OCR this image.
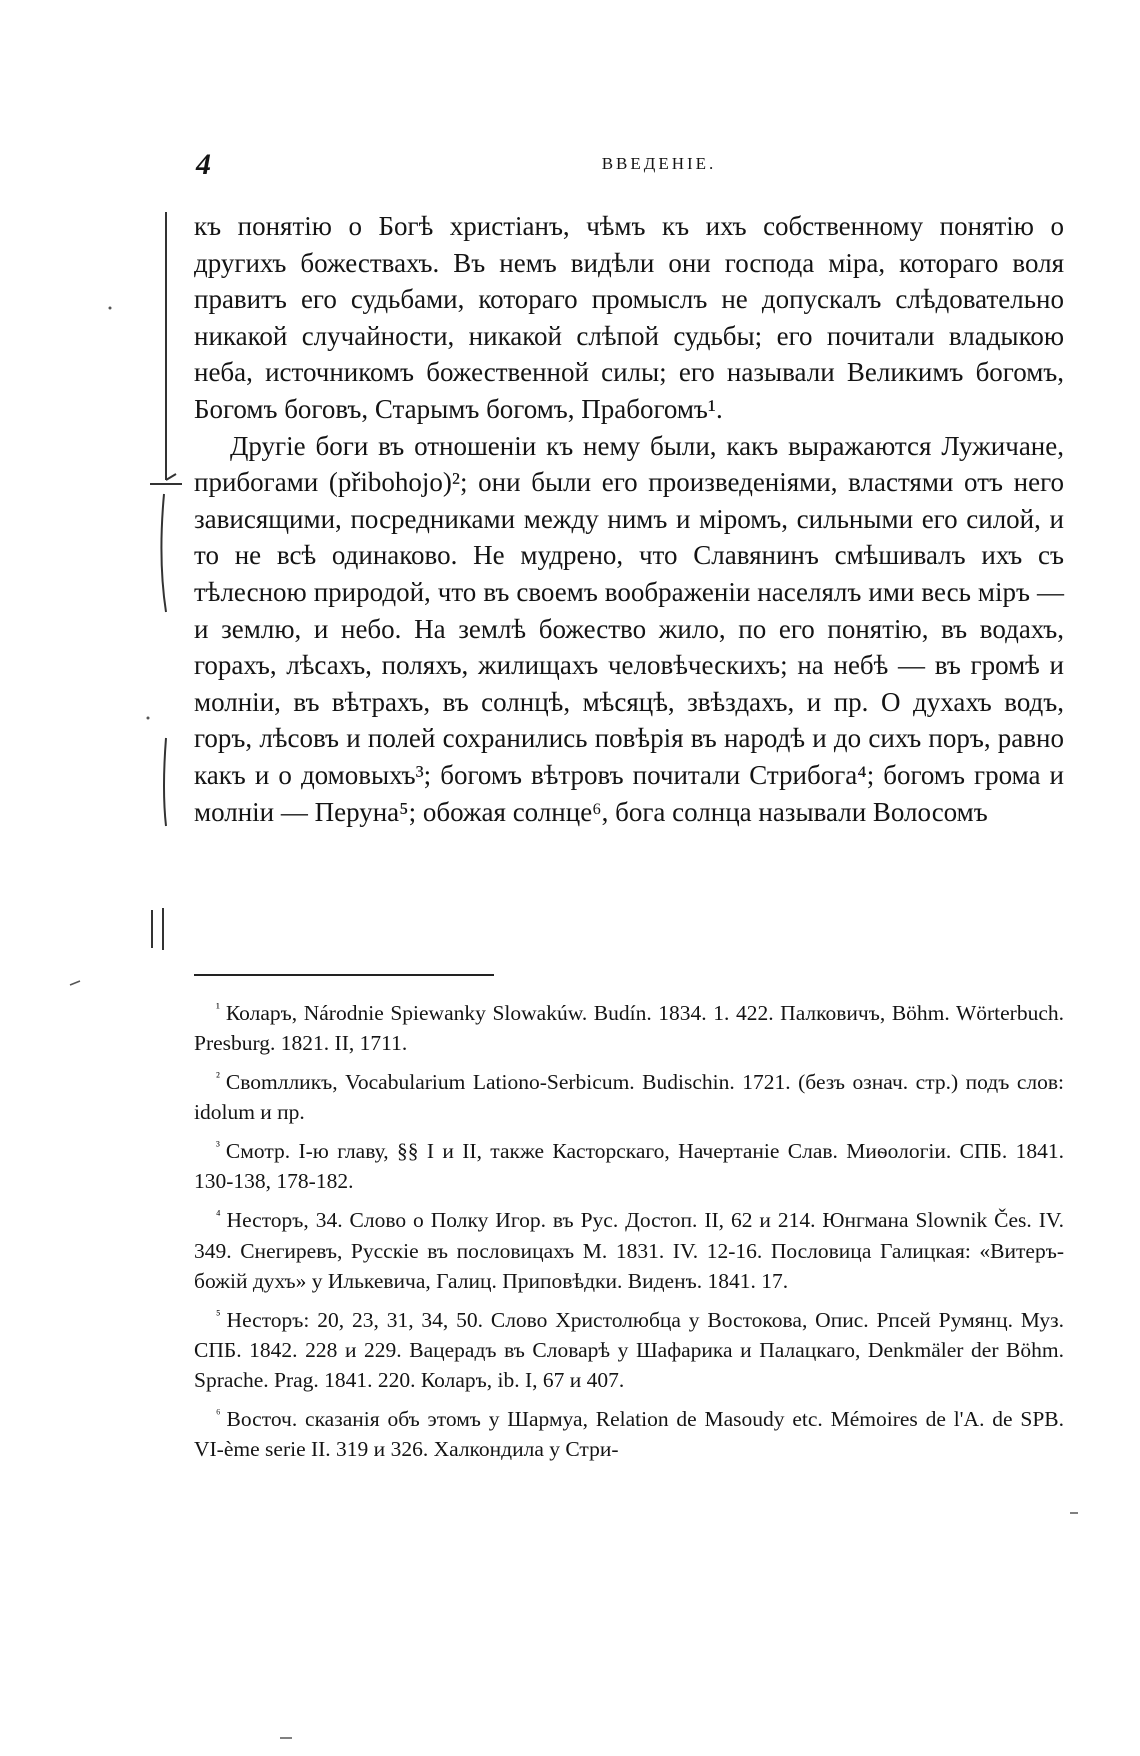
4	ВВЕДЕНІЕ.

къ понятію о Богѣ христіанъ, чѣмъ къ ихъ собственному понятію о другихъ божествахъ. Въ немъ видѣли они господа міра, котораго воля правитъ его судьбами, котораго промыслъ не допускалъ слѣдовательно никакой случайности, никакой слѣпой судьбы; его почитали владыкою неба, источникомъ божественной силы; его называли Великимъ богомъ, Богомъ боговъ, Старымъ богомъ, Прабогомъ¹.

Другіе боги въ отношеніи къ нему были, какъ выражаются Лужичане, прибогами (přibohojo)²; они были его произведеніями, властями отъ него зависящими, посредниками между нимъ и міромъ, сильными его силой, и то не всѣ одинаково. Не мудрено, что Славянинъ смѣшивалъ ихъ съ тѣлесною природой, что въ своемъ воображеніи населялъ ими весь міръ — и землю, и небо. На землѣ божество жило, по его понятію, въ водахъ, горахъ, лѣсахъ, поляхъ, жилищахъ человѣческихъ; на небѣ — въ громѣ и молніи, въ вѣтрахъ, въ солнцѣ, мѣсяцѣ, звѣздахъ, и пр. О духахъ водъ, горъ, лѣсовъ и полей сохранились повѣрія въ народѣ и до сихъ поръ, равно какъ и о домовыхъ³; богомъ вѣтровъ почитали Стрибога⁴; богомъ грома и молніи — Перуна⁵; обожая солнце⁶, бога солнца называли Волосомъ

$^{^1}$ Коларъ, Národnie Spiewanky Slowakúw. Budín. 1834. 1. 422. Палковичъ, Böhm. Wörterbuch. Presburg. 1821. II, 1711.

$^{^2}$ Своmлликъ, Vocabularium Lationo-Serbicum. Budischin. 1721. (безъ означ. стр.) подъ слов: idolum и пр.

$^{^3}$ Смотр. I-ю главу, §§ I и II, также Касторскаго, Начертаніе Слав. Миѳологіи. СПБ. 1841. 130-138, 178-182.

$^{^4}$ Несторъ, 34. Слово о Полку Игор. въ Рус. Достоп. II, 62 и 214. Юнгмана Slownik Čes. IV. 349. Снегиревъ, Русскіе въ пословицахъ М. 1831. IV. 12-16. Пословица Галицкая: «Витеръ-божій духъ» у Илькевича, Галиц. Приповѣдки. Виденъ. 1841. 17.

$^{^5}$ Несторъ: 20, 23, 31, 34, 50. Слово Христолюбца у Востокова, Опис. Рпсей Румянц. Муз. СПБ. 1842. 228 и 229. Вацерадъ въ Словарѣ у Шафарика и Палацкаго, Denkmäler der Böhm. Sprache. Prag. 1841. 220. Коларъ, ib. I, 67 и 407.

$^{^6}$ Восточ. сказанія объ этомъ у Шармуа, Relation de Masoudy etc. Mémoires de l'A. de SPB. VI-ème serie II. 319 и 326. Халкондила у Стри-
